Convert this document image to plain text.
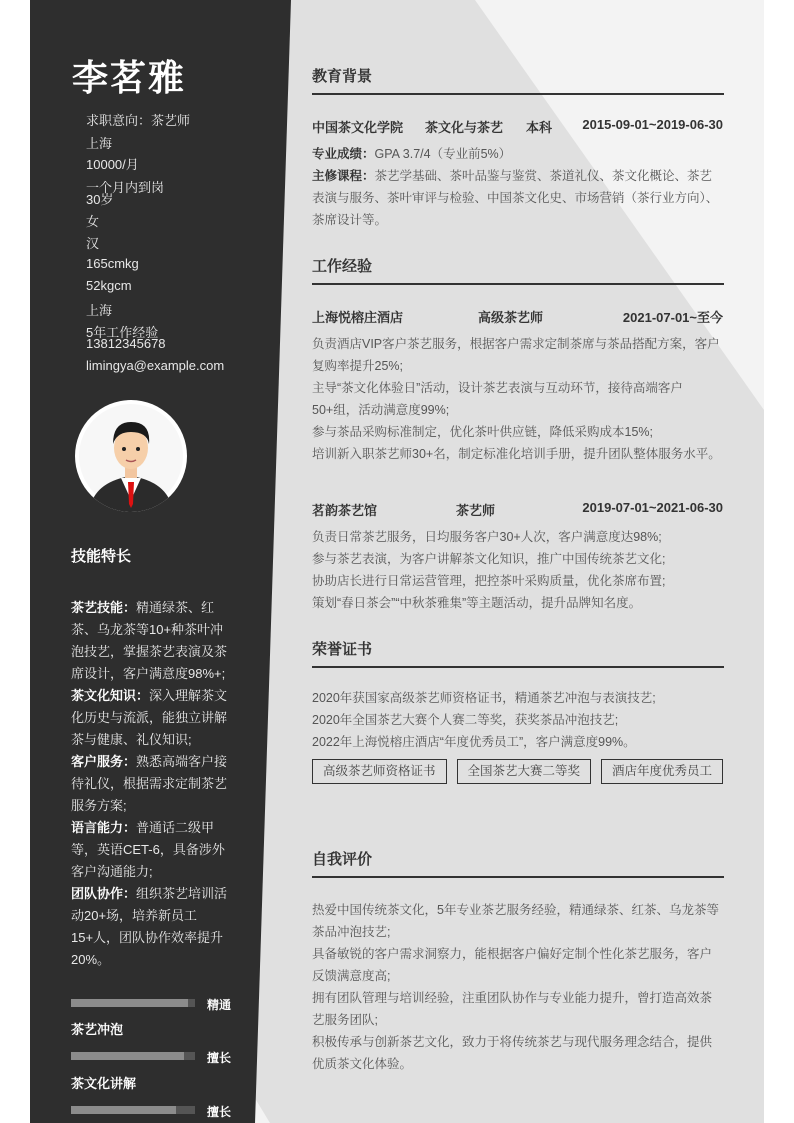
李茗雅
求职意向：茶艺师
上海
10000/月
一个月内到岗
30岁
女
汉
165cmkg
52kgcm
上海
5年工作经验
13812345678
limingya@example.com
技能特长

茶艺技能：精通绿茶、红茶、乌龙茶等10+种茶叶冲泡技艺，掌握茶艺表演及茶席设计，客户满意度98%+;

茶文化知识：深入理解茶文化历史与流派，能独立讲解茶与健康、礼仪知识;

客户服务：熟悉高端客户接待礼仪，根据需求定制茶艺服务方案;

语言能力：普通话二级甲等，英语CET-6，具备涉外客户沟通能力;

团队协作：组织茶艺培训活动20+场，培养新员工15+人，团队协作效率提升20%。

精通
茶艺冲泡
擅长
茶文化讲解
擅长
教育背景
中国茶文化学院 茶文化与茶艺 本科 2015-09-01~2019-06-30

专业成绩：GPA 3.7/4（专业前5%）

主修课程：茶艺学基础、茶叶品鉴与鉴赏、茶道礼仪、茶文化概论、茶艺表演与服务、茶叶审评与检验、中国茶文化史、市场营销（茶行业方向）、茶席设计等。

工作经验
上海悦榕庄酒店	高级茶艺师	2021-07-01~至今

负责酒店VIP客户茶艺服务，根据客户需求定制茶席与茶品搭配方案，客户复购率提升25%;

主导“茶文化体验日”活动，设计茶艺表演与互动环节，接待高端客户50+组，活动满意度99%;

参与茶品采购标准制定，优化茶叶供应链，降低采购成本15%;

培训新入职茶艺师30+名，制定标准化培训手册，提升团队整体服务水平。

茗韵茶艺馆	茶艺师	2019-07-01~2021-06-30

负责日常茶艺服务，日均服务客户30+人次，客户满意度达98%;

参与茶艺表演，为客户讲解茶文化知识，推广中国传统茶艺文化;

协助店长进行日常运营管理，把控茶叶采购质量，优化茶席布置;

策划“春日茶会”“中秋茶雅集”等主题活动，提升品牌知名度。

荣誉证书

2020年获国家高级茶艺师资格证书，精通茶艺冲泡与表演技艺;

2020年全国茶艺大赛个人赛二等奖，获奖茶品冲泡技艺;

2022年上海悦榕庄酒店“年度优秀员工”，客户满意度99%。

高级茶艺师资格证书	全国茶艺大赛二等奖	酒店年度优秀员工
自我评价

热爱中国传统茶文化，5年专业茶艺服务经验，精通绿茶、红茶、乌龙茶等茶品冲泡技艺;

具备敏锐的客户需求洞察力，能根据客户偏好定制个性化茶艺服务，客户反馈满意度高;

拥有团队管理与培训经验，注重团队协作与专业能力提升，曾打造高效茶艺服务团队;

积极传承与创新茶艺文化，致力于将传统茶艺与现代服务理念结合，提供优质茶文化体验。
